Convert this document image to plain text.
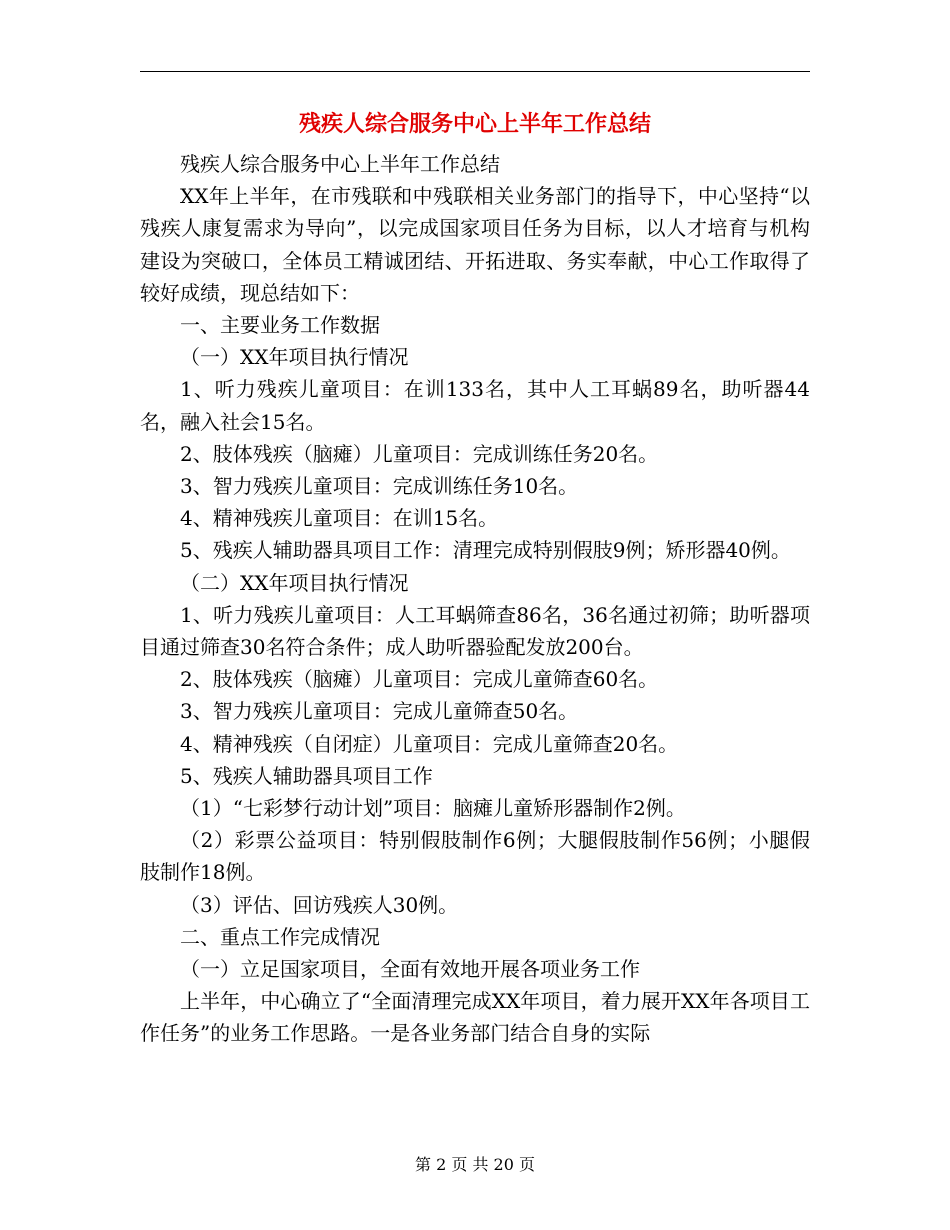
残疾人综合服务中心上半年工作总结

残疾人综合服务中心上半年工作总结

XX年上半年，在市残联和中残联相关业务部门的指导下，中心坚持“以残疾人康复需求为导向”，以完成国家项目任务为目标，以人才培育与机构建设为突破口，全体员工精诚团结、开拓进取、务实奉献，中心工作取得了较好成绩，现总结如下：

一、主要业务工作数据

（一）XX年项目执行情况

1、听力残疾儿童项目：在训133名，其中人工耳蜗89名，助听器44名，融入社会15名。

2、肢体残疾（脑瘫）儿童项目：完成训练任务20名。

3、智力残疾儿童项目：完成训练任务10名。

4、精神残疾儿童项目：在训15名。

5、残疾人辅助器具项目工作：清理完成特别假肢9例；矫形器40例。

（二）XX年项目执行情况

1、听力残疾儿童项目：人工耳蜗筛查86名，36名通过初筛；助听器项目通过筛查30名符合条件；成人助听器验配发放200台。

2、肢体残疾（脑瘫）儿童项目：完成儿童筛查60名。

3、智力残疾儿童项目：完成儿童筛查50名。

4、精神残疾（自闭症）儿童项目：完成儿童筛查20名。

5、残疾人辅助器具项目工作

（1）“七彩梦行动计划”项目：脑瘫儿童矫形器制作2例。

（2）彩票公益项目：特别假肢制作6例；大腿假肢制作56例；小腿假肢制作18例。

（3）评估、回访残疾人30例。

二、重点工作完成情况

（一）立足国家项目，全面有效地开展各项业务工作

上半年，中心确立了“全面清理完成XX年项目，着力展开XX年各项目工作任务”的业务工作思路。一是各业务部门结合自身的实际

第 2 页 共 20 页
